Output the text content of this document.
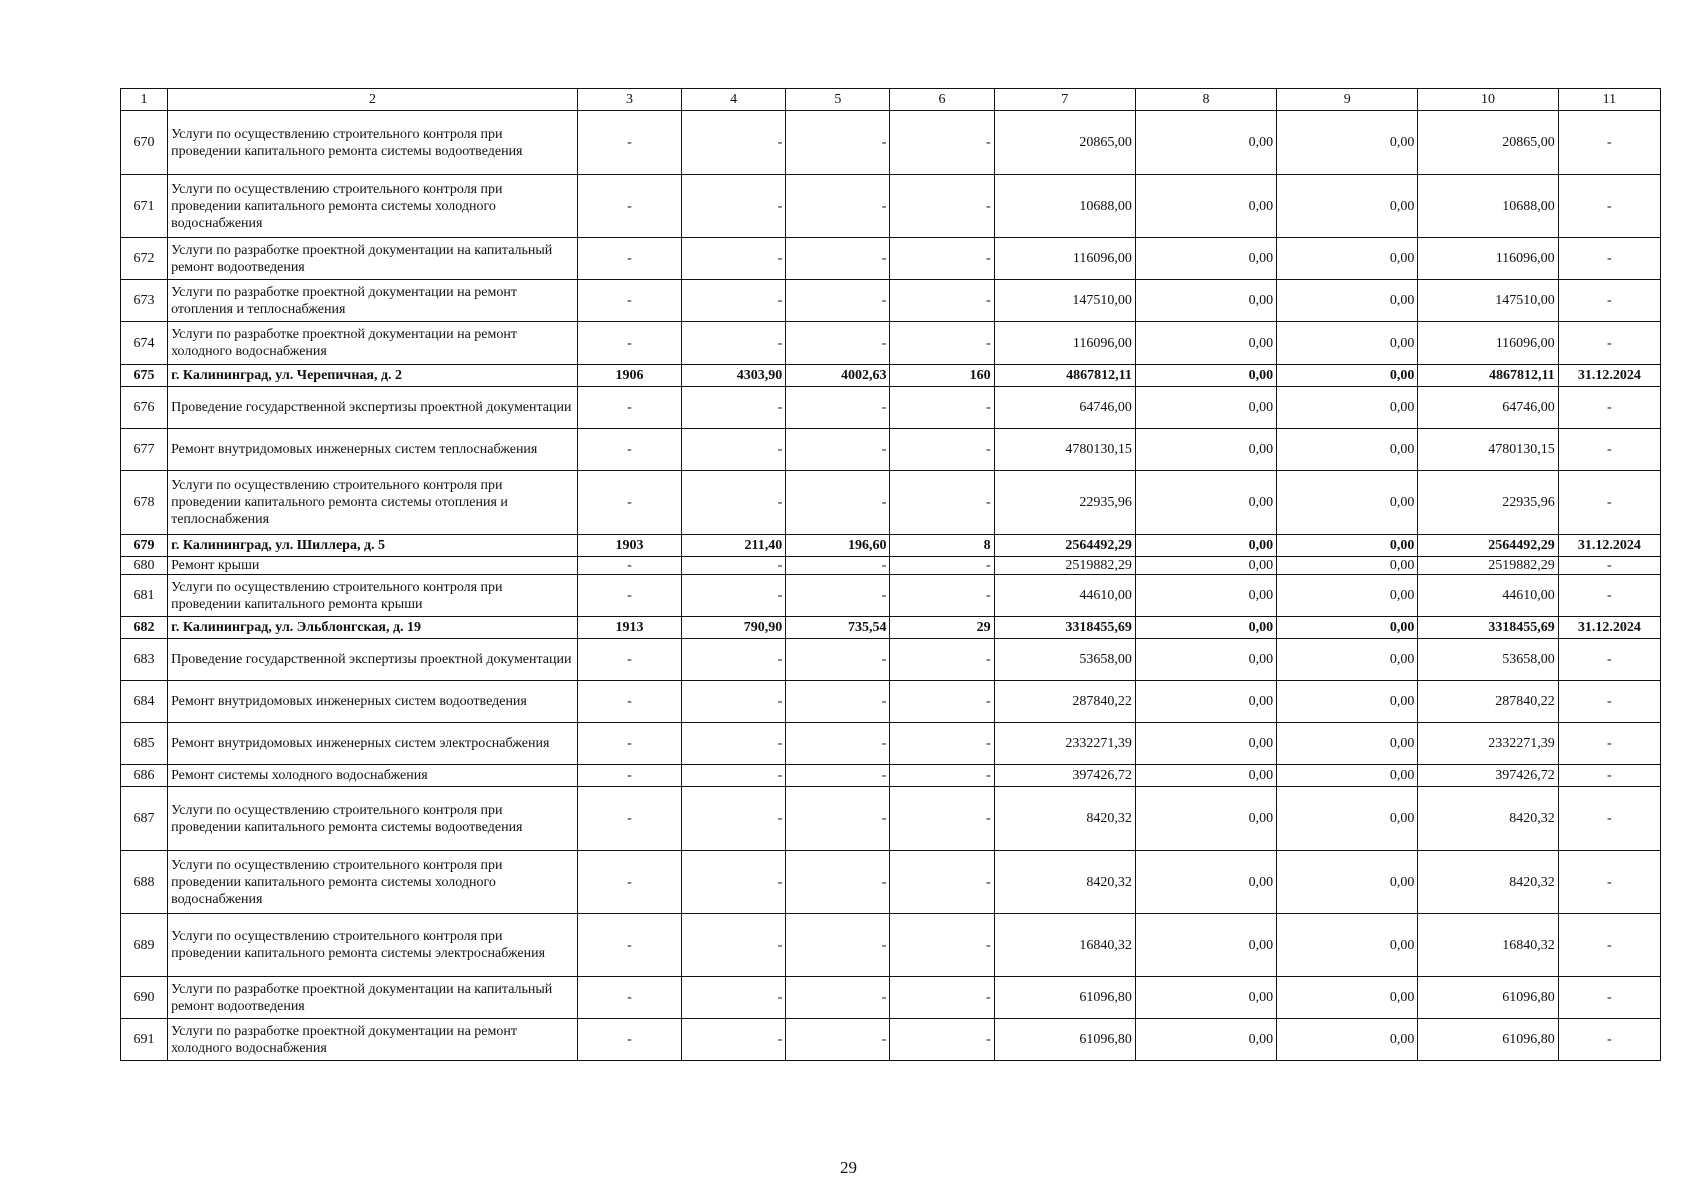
1	2	3	4	5	6	7	8	9	10	11
670	Услуги по осуществлению строительного контроля при проведении капитального ремонта системы водоотведения	-	-	-	-	20865,00	0,00	0,00	20865,00	-
671	Услуги по осуществлению строительного контроля при проведении капитального ремонта системы холодного водоснабжения	-	-	-	-	10688,00	0,00	0,00	10688,00	-
672	Услуги по разработке проектной документации на капитальный ремонт водоотведения	-	-	-	-	116096,00	0,00	0,00	116096,00	-
673	Услуги по разработке проектной документации на ремонт отопления и теплоснабжения	-	-	-	-	147510,00	0,00	0,00	147510,00	-
674	Услуги по разработке проектной документации на ремонт холодного водоснабжения	-	-	-	-	116096,00	0,00	0,00	116096,00	-
675	г. Калининград, ул. Черепичная, д. 2	1906	4303,90	4002,63	160	4867812,11	0,00	0,00	4867812,11	31.12.2024
676	Проведение государственной экспертизы проектной документации	-	-	-	-	64746,00	0,00	0,00	64746,00	-
677	Ремонт внутридомовых инженерных систем теплоснабжения	-	-	-	-	4780130,15	0,00	0,00	4780130,15	-
678	Услуги по осуществлению строительного контроля при проведении капитального ремонта системы отопления и теплоснабжения	-	-	-	-	22935,96	0,00	0,00	22935,96	-
679	г. Калининград, ул. Шиллера, д. 5	1903	211,40	196,60	8	2564492,29	0,00	0,00	2564492,29	31.12.2024
680	Ремонт крыши	-	-	-	-	2519882,29	0,00	0,00	2519882,29	-
681	Услуги по осуществлению строительного контроля при проведении капитального ремонта крыши	-	-	-	-	44610,00	0,00	0,00	44610,00	-
682	г. Калининград, ул. Эльблонгская, д. 19	1913	790,90	735,54	29	3318455,69	0,00	0,00	3318455,69	31.12.2024
683	Проведение государственной экспертизы проектной документации	-	-	-	-	53658,00	0,00	0,00	53658,00	-
684	Ремонт внутридомовых инженерных систем водоотведения	-	-	-	-	287840,22	0,00	0,00	287840,22	-
685	Ремонт внутридомовых инженерных систем электроснабжения	-	-	-	-	2332271,39	0,00	0,00	2332271,39	-
686	Ремонт системы холодного водоснабжения	-	-	-	-	397426,72	0,00	0,00	397426,72	-
687	Услуги по осуществлению строительного контроля при проведении капитального ремонта системы водоотведения	-	-	-	-	8420,32	0,00	0,00	8420,32	-
688	Услуги по осуществлению строительного контроля при проведении капитального ремонта системы холодного водоснабжения	-	-	-	-	8420,32	0,00	0,00	8420,32	-
689	Услуги по осуществлению строительного контроля при проведении капитального ремонта системы электроснабжения	-	-	-	-	16840,32	0,00	0,00	16840,32	-
690	Услуги по разработке проектной документации на капитальный ремонт водоотведения	-	-	-	-	61096,80	0,00	0,00	61096,80	-
691	Услуги по разработке проектной документации на ремонт холодного водоснабжения	-	-	-	-	61096,80	0,00	0,00	61096,80	-
29
